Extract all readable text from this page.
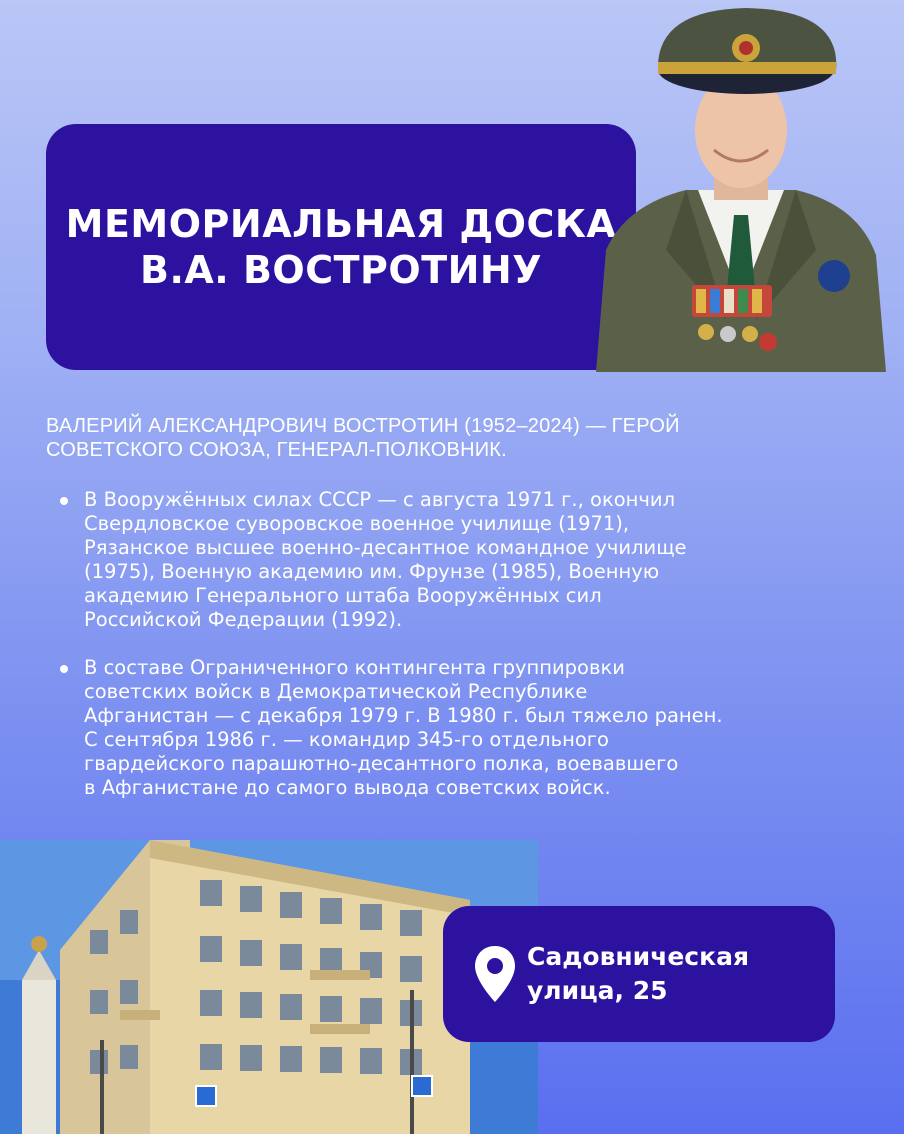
МЕМОРИАЛЬНАЯ ДОСКА
В.А. ВОСТРОТИНУ
ВАЛЕРИЙ АЛЕКСАНДРОВИЧ ВОСТРОТИН (1952–2024) — ГЕРОЙ
СОВЕТСКОГО СОЮЗА, ГЕНЕРАЛ-ПОЛКОВНИК.
В Вооружённых силах СССР — с августа 1971 г., окончил
Свердловское суворовское военное училище (1971),
Рязанское высшее военно-десантное командное училище
(1975), Военную академию им. Фрунзе (1985), Военную
академию Генерального штаба Вооружённых сил
Российской Федерации (1992).
В составе Ограниченного контингента группировки
советских войск в Демократической Республике
Афганистан — с декабря 1979 г. В 1980 г. был тяжело ранен.
С сентября 1986 г. — командир 345-го отдельного
гвардейского парашютно-десантного полка, воевавшего
в Афганистане до самого вывода советских войск.
Садовническая
улица, 25
